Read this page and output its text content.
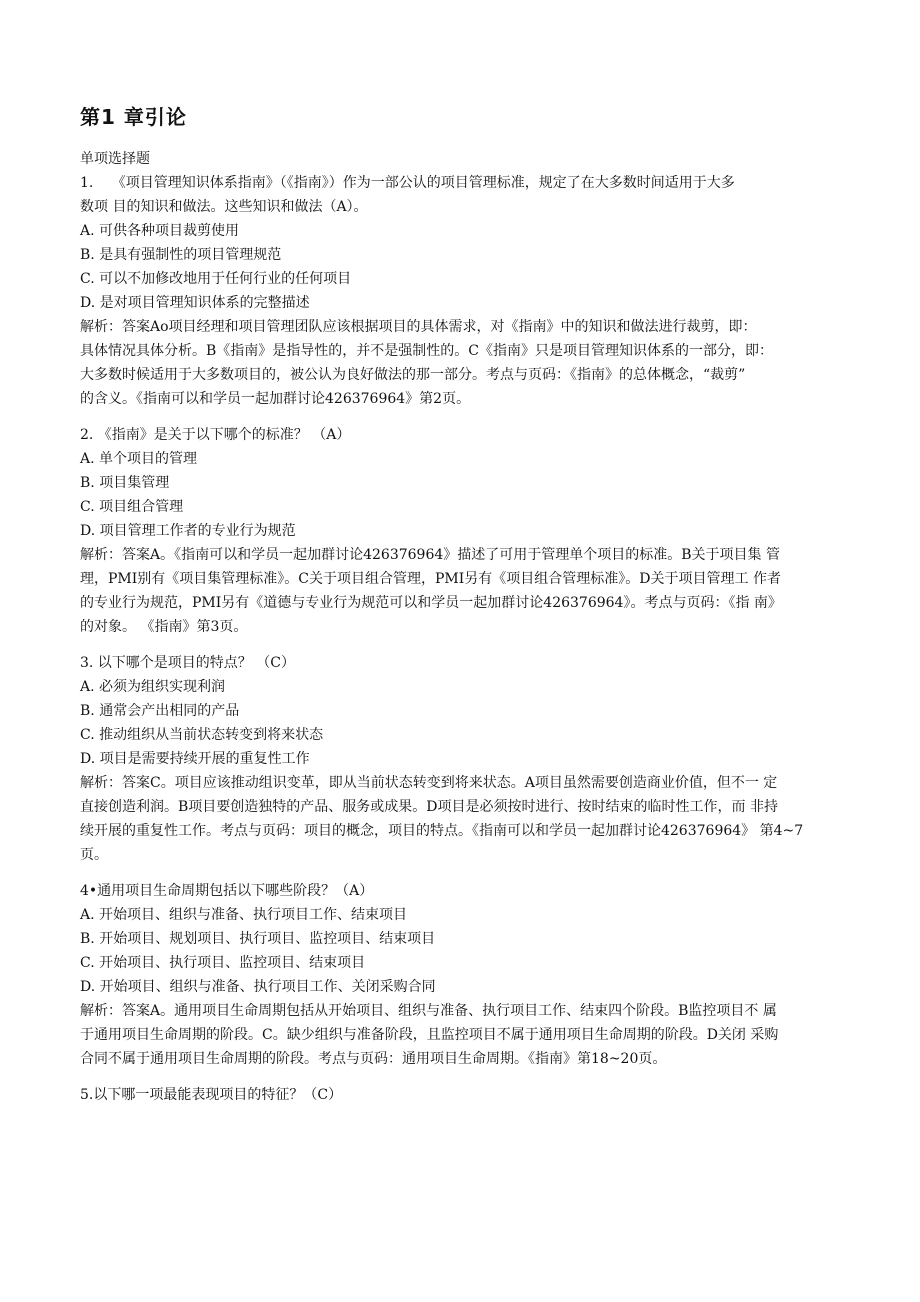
第1 章引论
单项选择题
1.　 《项目管理知识体系指南》（《指南》）作为一部公认的项目管理标准，规定了在大多数时间适用于大多
数项 目的知识和做法。这些知识和做法（A）。
A. 可供各种项目裁剪使用
B. 是具有强制性的项目管理规范
C. 可以不加修改地用于任何行业的任何项目
D. 是对项目管理知识体系的完整描述
解析：答案Ao项目经理和项目管理团队应该根据项目的具体需求，对《指南》中的知识和做法进行裁剪，即：
具体情况具体分析。B《指南》是指导性的，并不是强制性的。C《指南》只是项目管理知识体系的一部分，即：
大多数时候适用于大多数项目的，被公认为良好做法的那一部分。考点与页码：《指南》的总体概念，“裁剪”
的含义。《指南可以和学员一起加群讨论426376964》第2页。
2. 《指南》是关于以下哪个的标准？ （A）
A. 单个项目的管理
B. 项目集管理
C. 项目组合管理
D. 项目管理工作者的专业行为规范
解析：答案A。《指南可以和学员一起加群讨论426376964》描述了可用于管理单个项目的标准。B关于项目集 管
理，PMI别有《项目集管理标准》。C关于项目组合管理，PMI另有《项目组合管理标准》。D关于项目管理工 作者
的专业行为规范，PMI另有《道德与专业行为规范可以和学员一起加群讨论426376964》。考点与页码：《指 南》
的对象。 《指南》第3页。
3. 以下哪个是项目的特点？ （C）
A. 必须为组织实现利润
B. 通常会产出相同的产品
C. 推动组织从当前状态转变到将来状态
D. 项目是需要持续开展的重复性工作
解析：答案C。项目应该推动组识变革，即从当前状态转变到将来状态。A项目虽然需要创造商业价值，但不一 定
直接创造利润。B项目要创造独特的产品、服务或成果。D项目是必须按时进行、按时结束的临时性工作，而 非持
续开展的重复性工作。考点与页码：项目的概念，项目的特点。《指南可以和学员一起加群讨论426376964》 第4~7
页。
4•通用项目生命周期包括以下哪些阶段？（A）
A. 开始项目、组织与准备、执行项目工作、结束项目
B. 开始项目、规划项目、执行项目、监控项目、结束项目
C. 开始项目、执行项目、监控项目、结束项目
D. 开始项目、组织与准备、执行项目工作、关闭采购合同
解析：答案A。通用项目生命周期包括从开始项目、组织与准备、执行项目工作、结束四个阶段。B监控项目不 属
于通用项目生命周期的阶段。C。缺少组织与准备阶段，且监控项目不属于通用项目生命周期的阶段。D关闭 采购
合同不属于通用项目生命周期的阶段。考点与页码：通用项目生命周期。《指南》第18~20页。
5.以下哪一项最能表现项目的特征？（C）
